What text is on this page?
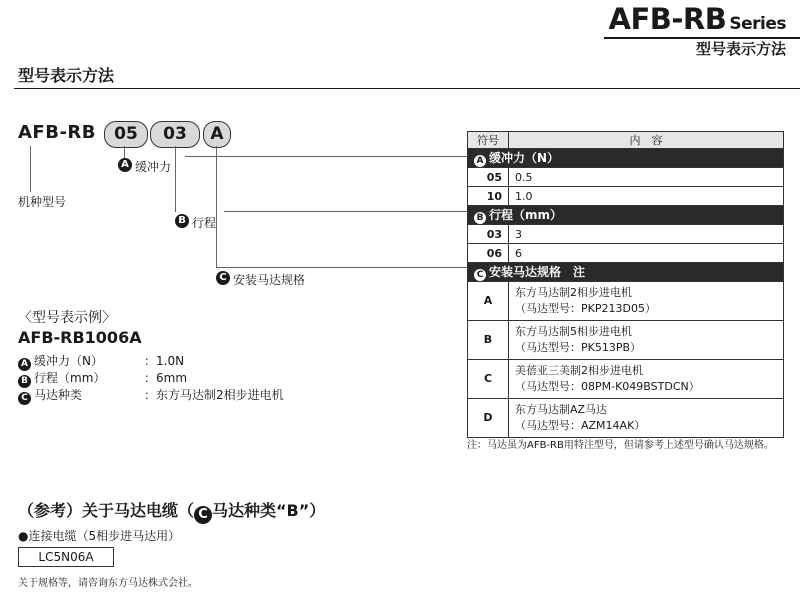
AFB-RB Series
型号表示方法
型号表示方法
AFB-RB	05	03	A
机种型号
A 缓冲力
B 行程
C 安装马达规格
符号	内　容
A 缓冲力（N）	
05	0.5
10	1.0
B 行程（mm）	
03	3
06	6
C 安装马达规格　注	
A	东方马达制2相步进电机
（马达型号：PKP213D05）

B	东方马达制5相步进电机
（马达型号：PK513PB）

C	美蓓亚三美制2相步进电机
（马达型号：08PM-K049BSTDCN）

D	东方马达制AZ马达
（马达型号：AZM14AK）
注：马达虽为AFB-RB用特注型号，但请参考上述型号确认马达规格。
〈型号表示例〉
AFB-RB1006A
A 缓冲力（N）	：1.0N
B 行程（mm）	：6mm
C 马达种类	：东方马达制2相步进电机
（参考）关于马达电缆（ C 马达种类“B”）
●连接电缆（5相步进马达用）
LC5N06A
关于规格等，请咨询东方马达株式会社。
